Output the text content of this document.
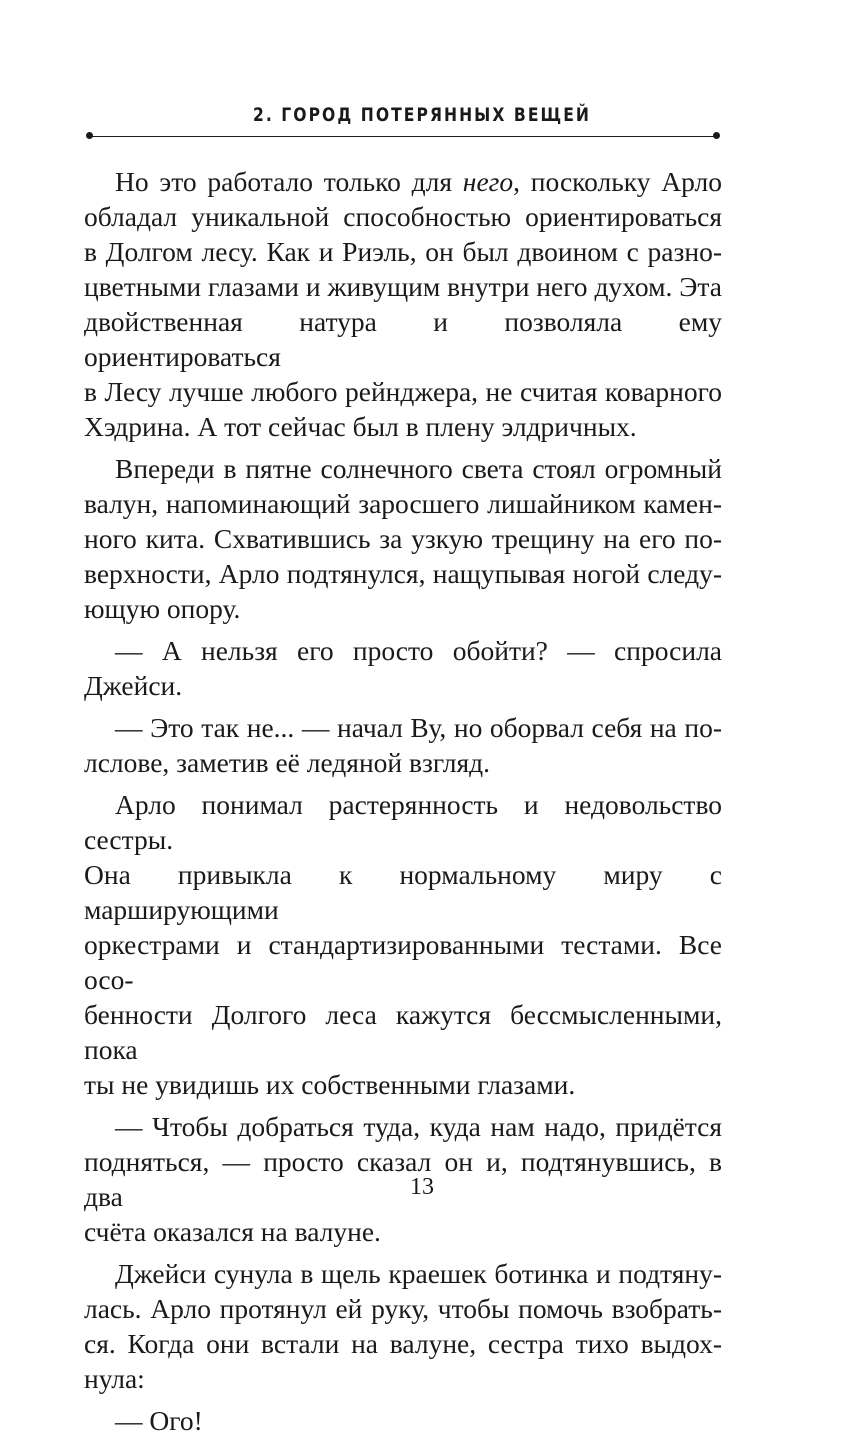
2. ГОРОД ПОТЕРЯННЫХ ВЕЩЕЙ
Но это работало только для него, поскольку Арло
обладал уникальной способностью ориентироваться
в Долгом лесу. Как и Риэль, он был двоином с разно-
цветными глазами и живущим внутри него духом. Эта
двойственная натура и позволяла ему ориентироваться
в Лесу лучше любого рейнджера, не считая коварного
Хэдрина. А тот сейчас был в плену элдричных.
Впереди в пятне солнечного света стоял огромный
валун, напоминающий заросшего лишайником камен-
ного кита. Схватившись за узкую трещину на его по-
верхности, Арло подтянулся, нащупывая ногой следу-
ющую опору.
— А нельзя его просто обойти? — спросила Джейси.
— Это так не... — начал Ву, но оборвал себя на по-
лслове, заметив её ледяной взгляд.
Арло понимал растерянность и недовольство сестры.
Она привыкла к нормальному миру с марширующими
оркестрами и стандартизированными тестами. Все осо-
бенности Долгого леса кажутся бессмысленными, пока
ты не увидишь их собственными глазами.
— Чтобы добраться туда, куда нам надо, придётся
подняться, — просто сказал он и, подтянувшись, в два
счёта оказался на валуне.
Джейси сунула в щель краешек ботинка и подтяну-
лась. Арло протянул ей руку, чтобы помочь взобрать-
ся. Когда они встали на валуне, сестра тихо выдох-
нула:
— Ого!
13
